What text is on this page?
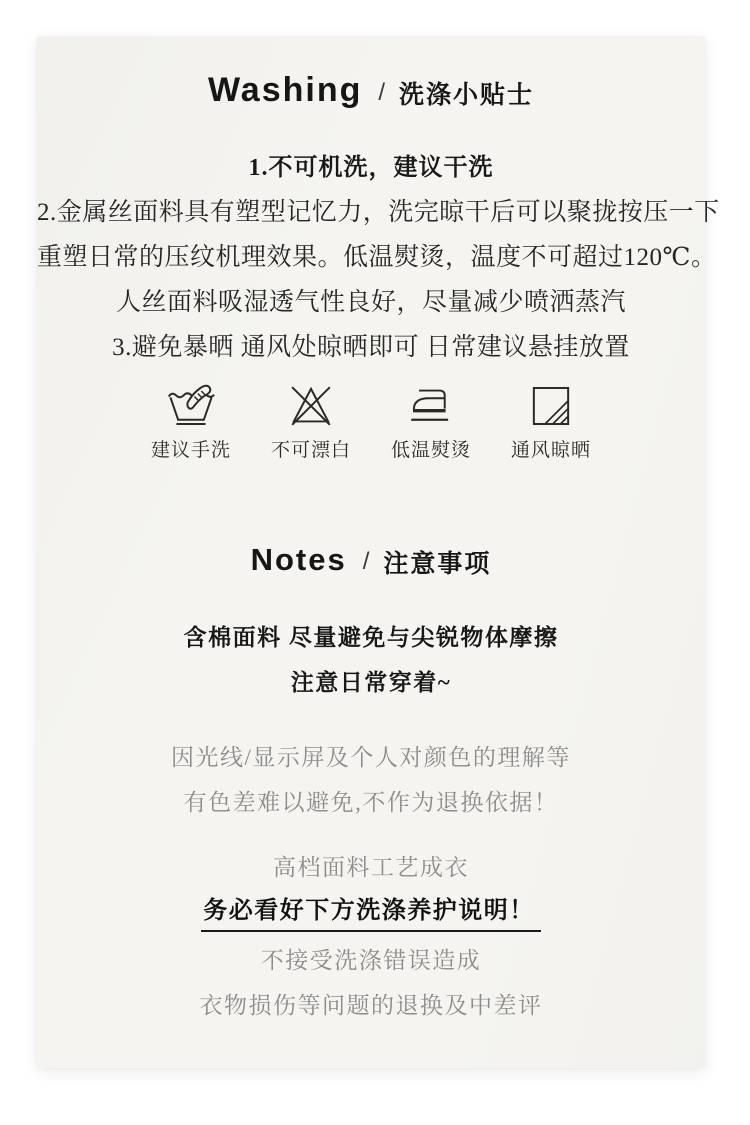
Washing / 洗涤小贴士
1.不可机洗，建议干洗
2.金属丝面料具有塑型记忆力，洗完晾干后可以聚拢按压一下
重塑日常的压纹机理效果。低温熨烫，温度不可超过120℃。
人丝面料吸湿透气性良好，尽量减少喷洒蒸汽
3.避免暴晒 通风处晾晒即可 日常建议悬挂放置
建议手洗 不可漂白 低温熨烫 通风晾晒
Notes / 注意事项
含棉面料 尽量避免与尖锐物体摩擦
注意日常穿着~
因光线/显示屏及个人对颜色的理解等
有色差难以避免,不作为退换依据！
高档面料工艺成衣
务必看好下方洗涤养护说明！
不接受洗涤错误造成
衣物损伤等问题的退换及中差评
